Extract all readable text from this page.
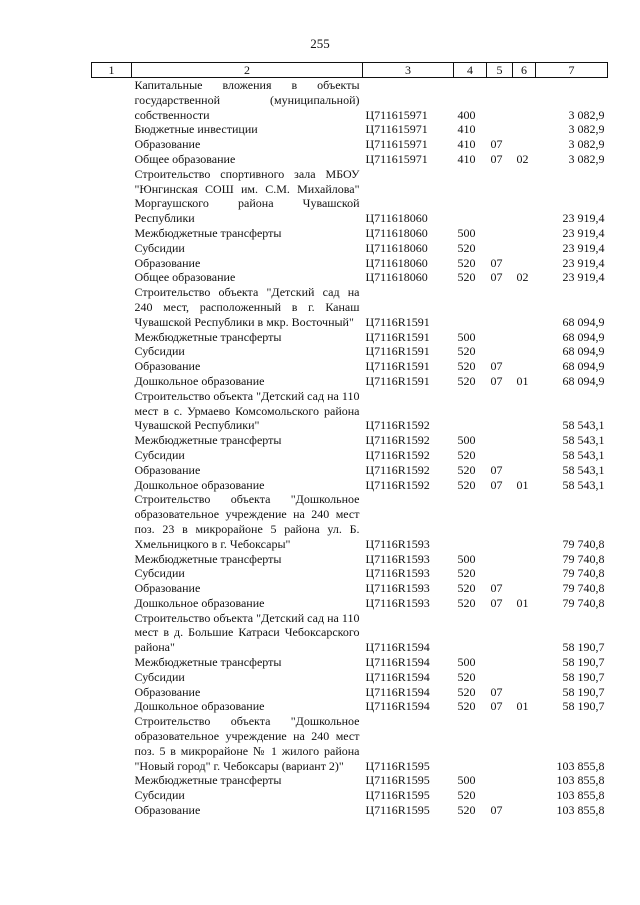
255
1	2	3	4	5	6	7
	Капитальные вложения в объекты государственной (муниципальной) собственности	Ц711615971	400			3 082,9
	Бюджетные инвестиции	Ц711615971	410			3 082,9
	Образование	Ц711615971	410	07		3 082,9
	Общее образование	Ц711615971	410	07	02	3 082,9
	Строительство спортивного зала МБОУ "Юнгинская СОШ им. С.М. Михайлова" Моргаушского района Чувашской Республики	Ц711618060				23 919,4
	Межбюджетные трансферты	Ц711618060	500			23 919,4
	Субсидии	Ц711618060	520			23 919,4
	Образование	Ц711618060	520	07		23 919,4
	Общее образование	Ц711618060	520	07	02	23 919,4
	Строительство объекта "Детский сад на 240 мест, расположенный в г. Канаш Чувашской Республики в мкр. Восточный"	Ц7116R1591				68 094,9
	Межбюджетные трансферты	Ц7116R1591	500			68 094,9
	Субсидии	Ц7116R1591	520			68 094,9
	Образование	Ц7116R1591	520	07		68 094,9
	Дошкольное образование	Ц7116R1591	520	07	01	68 094,9
	Строительство объекта "Детский сад на 110 мест в с. Урмаево Комсомольского района Чувашской Республики"	Ц7116R1592				58 543,1
	Межбюджетные трансферты	Ц7116R1592	500			58 543,1
	Субсидии	Ц7116R1592	520			58 543,1
	Образование	Ц7116R1592	520	07		58 543,1
	Дошкольное образование	Ц7116R1592	520	07	01	58 543,1
	Строительство объекта "Дошкольное образовательное учреждение на 240 мест поз. 23 в микрорайоне 5 района ул. Б. Хмельницкого в г. Чебоксары"	Ц7116R1593				79 740,8
	Межбюджетные трансферты	Ц7116R1593	500			79 740,8
	Субсидии	Ц7116R1593	520			79 740,8
	Образование	Ц7116R1593	520	07		79 740,8
	Дошкольное образование	Ц7116R1593	520	07	01	79 740,8
	Строительство объекта "Детский сад на 110 мест в д. Большие Катраси Чебоксарского района"	Ц7116R1594				58 190,7
	Межбюджетные трансферты	Ц7116R1594	500			58 190,7
	Субсидии	Ц7116R1594	520			58 190,7
	Образование	Ц7116R1594	520	07		58 190,7
	Дошкольное образование	Ц7116R1594	520	07	01	58 190,7
	Строительство объекта "Дошкольное образовательное учреждение на 240 мест поз. 5 в микрорайоне № 1 жилого района "Новый город" г. Чебоксары (вариант 2)"	Ц7116R1595				103 855,8
	Межбюджетные трансферты	Ц7116R1595	500			103 855,8
	Субсидии	Ц7116R1595	520			103 855,8
	Образование	Ц7116R1595	520	07		103 855,8
